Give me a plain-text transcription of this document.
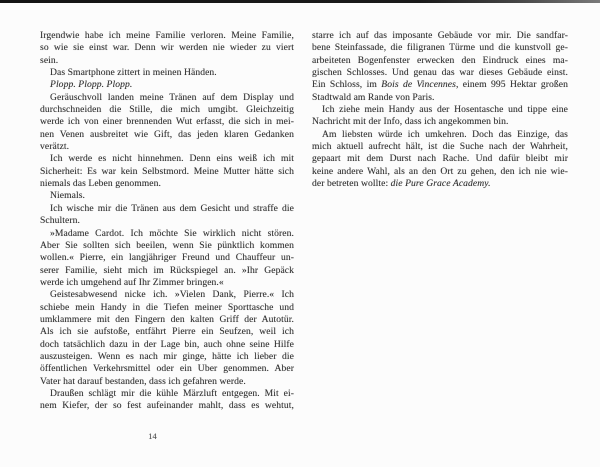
Irgendwie habe ich meine Familie verloren. Meine Familie,
so wie sie einst war. Denn wir werden nie wieder zu viert
sein.
Das Smartphone zittert in meinen Händen.
Plopp. Plopp. Plopp.
Geräuschvoll landen meine Tränen auf dem Display und
durchschneiden die Stille, die mich umgibt. Gleichzeitig
werde ich von einer brennenden Wut erfasst, die sich in mei-
nen Venen ausbreitet wie Gift, das jeden klaren Gedanken
verätzt.
Ich werde es nicht hinnehmen. Denn eins weiß ich mit
Sicherheit: Es war kein Selbstmord. Meine Mutter hätte sich
niemals das Leben genommen.
Niemals.
Ich wische mir die Tränen aus dem Gesicht und straffe die
Schultern.
»Madame Cardot. Ich möchte Sie wirklich nicht stören.
Aber Sie sollten sich beeilen, wenn Sie pünktlich kommen
wollen.« Pierre, ein langjähriger Freund und Chauffeur un-
serer Familie, sieht mich im Rückspiegel an. »Ihr Gepäck
werde ich umgehend auf Ihr Zimmer bringen.«
Geistesabwesend nicke ich. »Vielen Dank, Pierre.« Ich
schiebe mein Handy in die Tiefen meiner Sporttasche und
umklammere mit den Fingern den kalten Griff der Autotür.
Als ich sie aufstoße, entfährt Pierre ein Seufzen, weil ich
doch tatsächlich dazu in der Lage bin, auch ohne seine Hilfe
auszusteigen. Wenn es nach mir ginge, hätte ich lieber die
öffentlichen Verkehrsmittel oder ein Uber genommen. Aber
Vater hat darauf bestanden, dass ich gefahren werde.
Draußen schlägt mir die kühle Märzluft entgegen. Mit ei-
nem Kiefer, der so fest aufeinander mahlt, dass es wehtut,
starre ich auf das imposante Gebäude vor mir. Die sandfar-
bene Steinfassade, die filigranen Türme und die kunstvoll ge-
arbeiteten Bogenfenster erwecken den Eindruck eines ma-
gischen Schlosses. Und genau das war dieses Gebäude einst.
Ein Schloss, im Bois de Vincennes, einem 995 Hektar großen
Stadtwald am Rande von Paris.
Ich ziehe mein Handy aus der Hosentasche und tippe eine
Nachricht mit der Info, dass ich angekommen bin.
Am liebsten würde ich umkehren. Doch das Einzige, das
mich aktuell aufrecht hält, ist die Suche nach der Wahrheit,
gepaart mit dem Durst nach Rache. Und dafür bleibt mir
keine andere Wahl, als an den Ort zu gehen, den ich nie wie-
der betreten wollte: die Pure Grace Academy.
14
